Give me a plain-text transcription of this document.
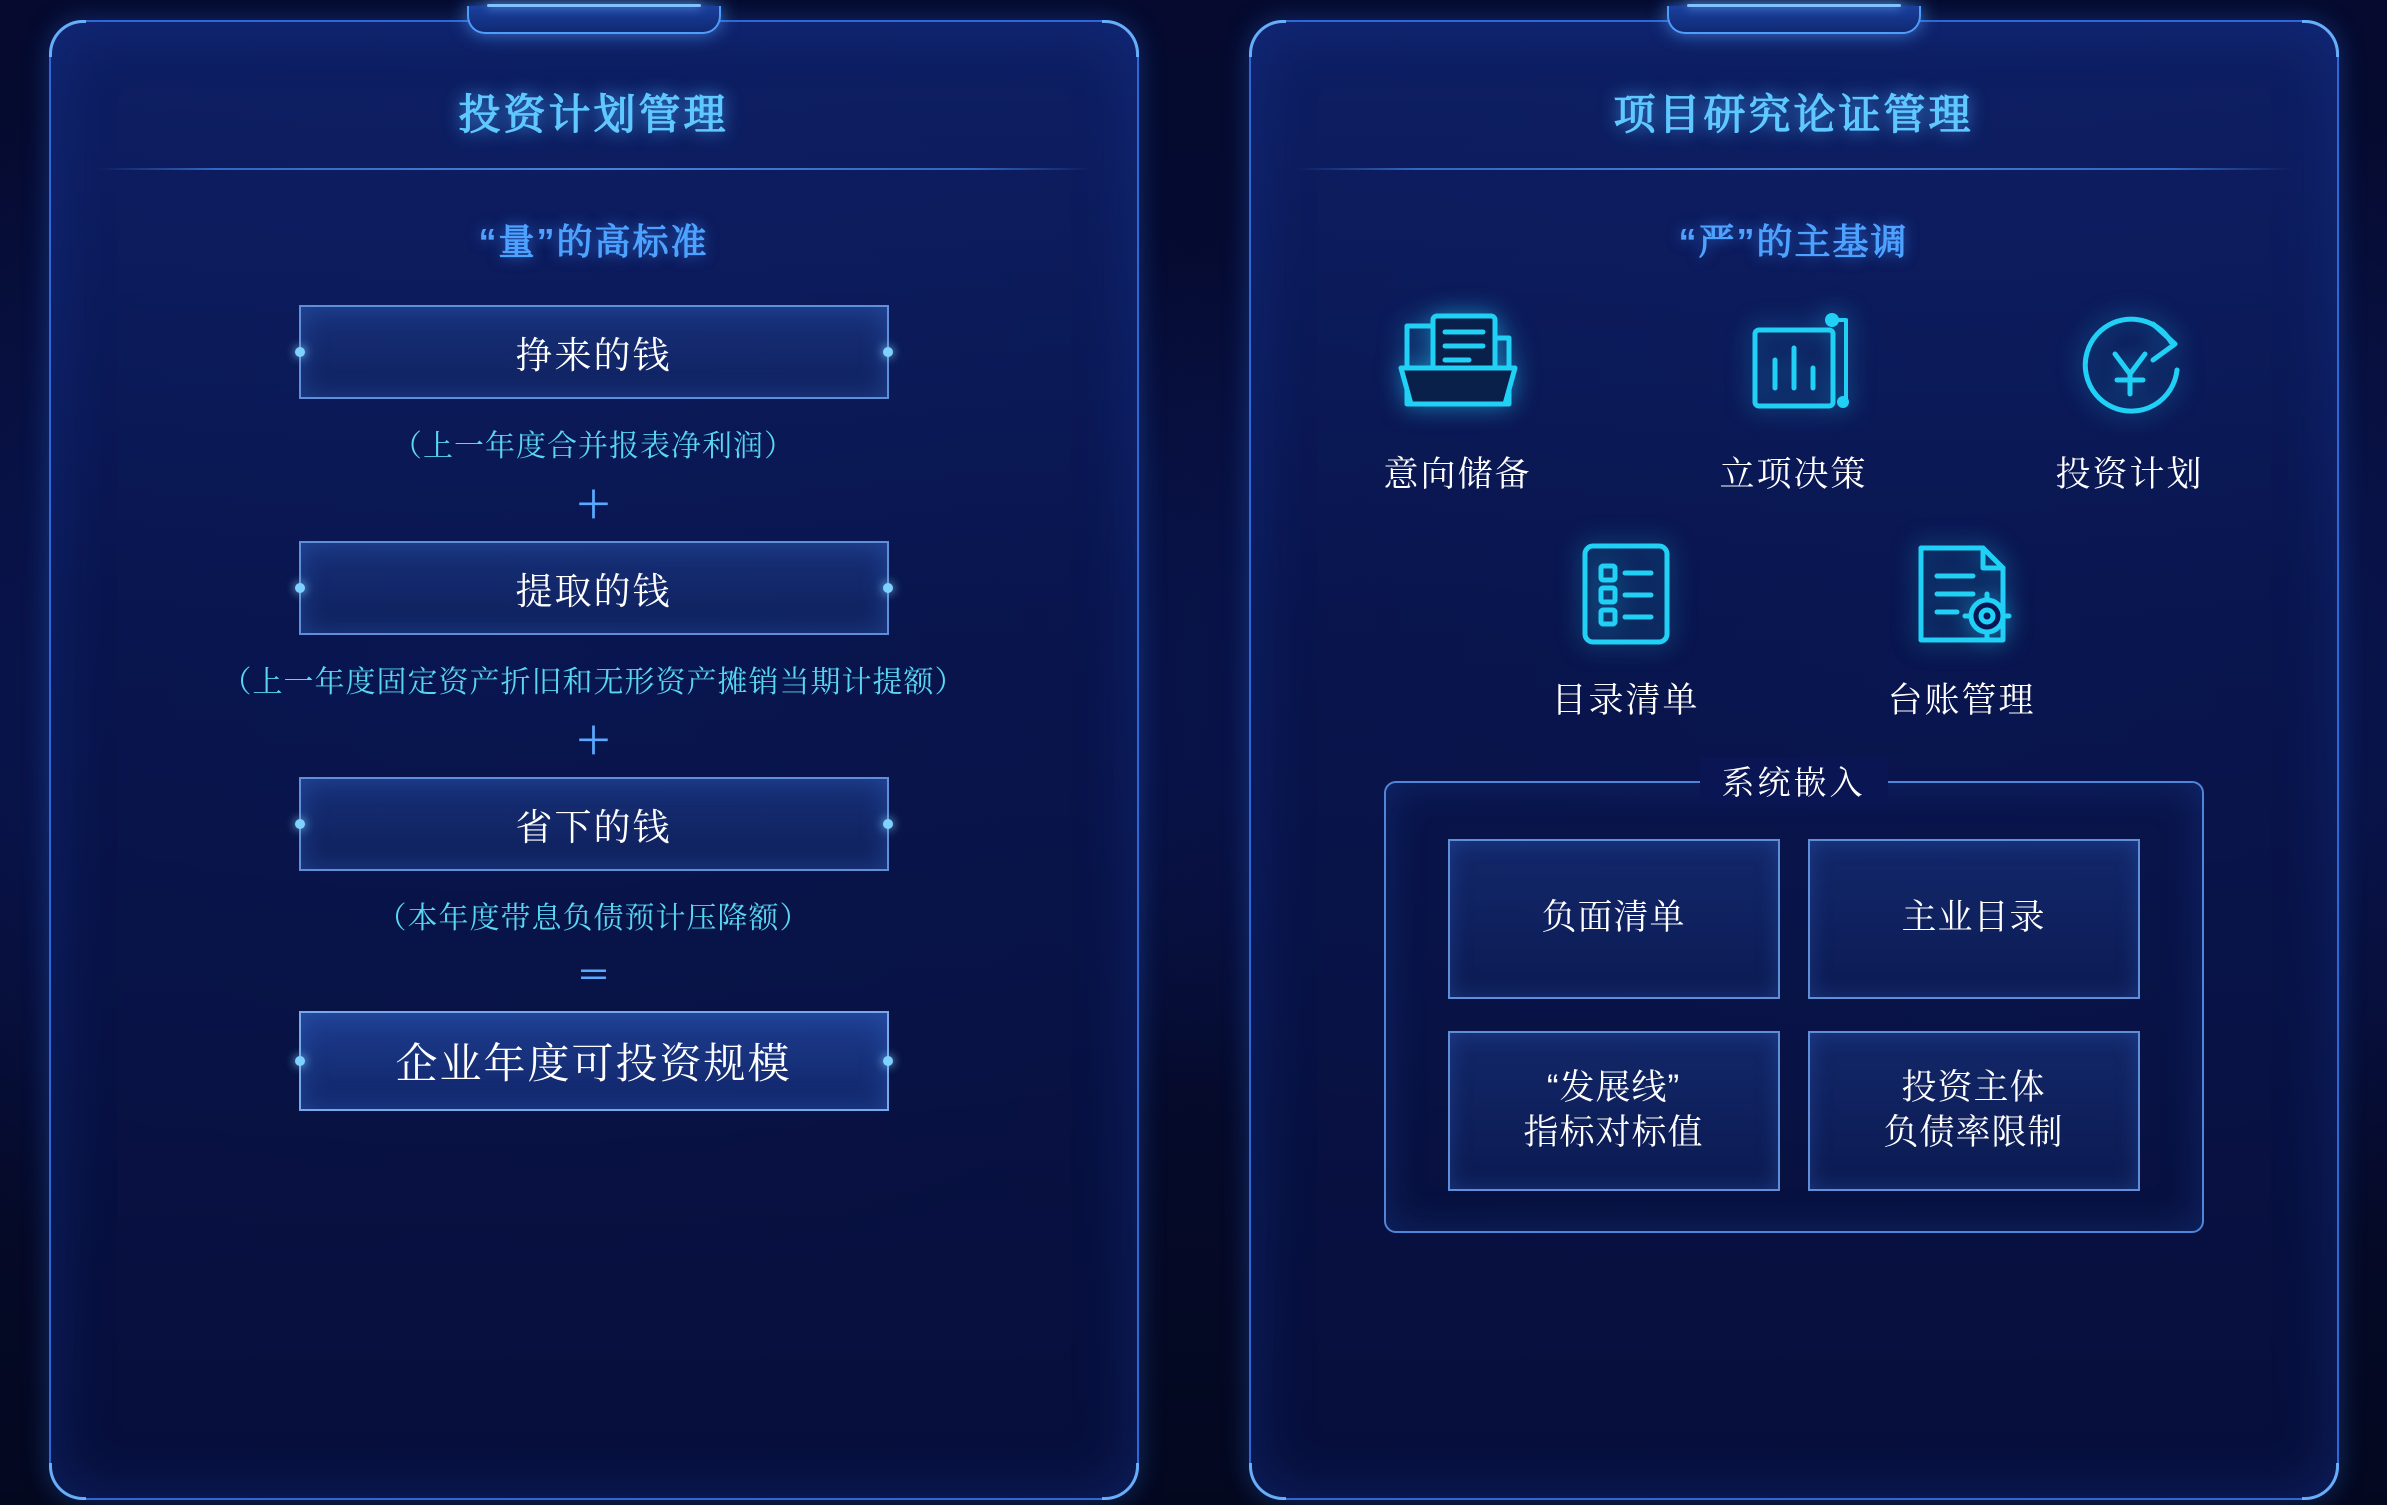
投资计划管理
“量”的高标准
挣来的钱
（上一年度合并报表净利润）
＋
提取的钱
（上一年度固定资产折旧和无形资产摊销当期计提额）
＋
省下的钱
（本年度带息负债预计压降额）
＝
企业年度可投资规模
项目研究论证管理
“严”的主基调
意向储备	立项决策	投资计划
目录清单	台账管理
系统嵌入
负面清单	主业目录
“发展线”
指标对标值
投资主体
负债率限制
